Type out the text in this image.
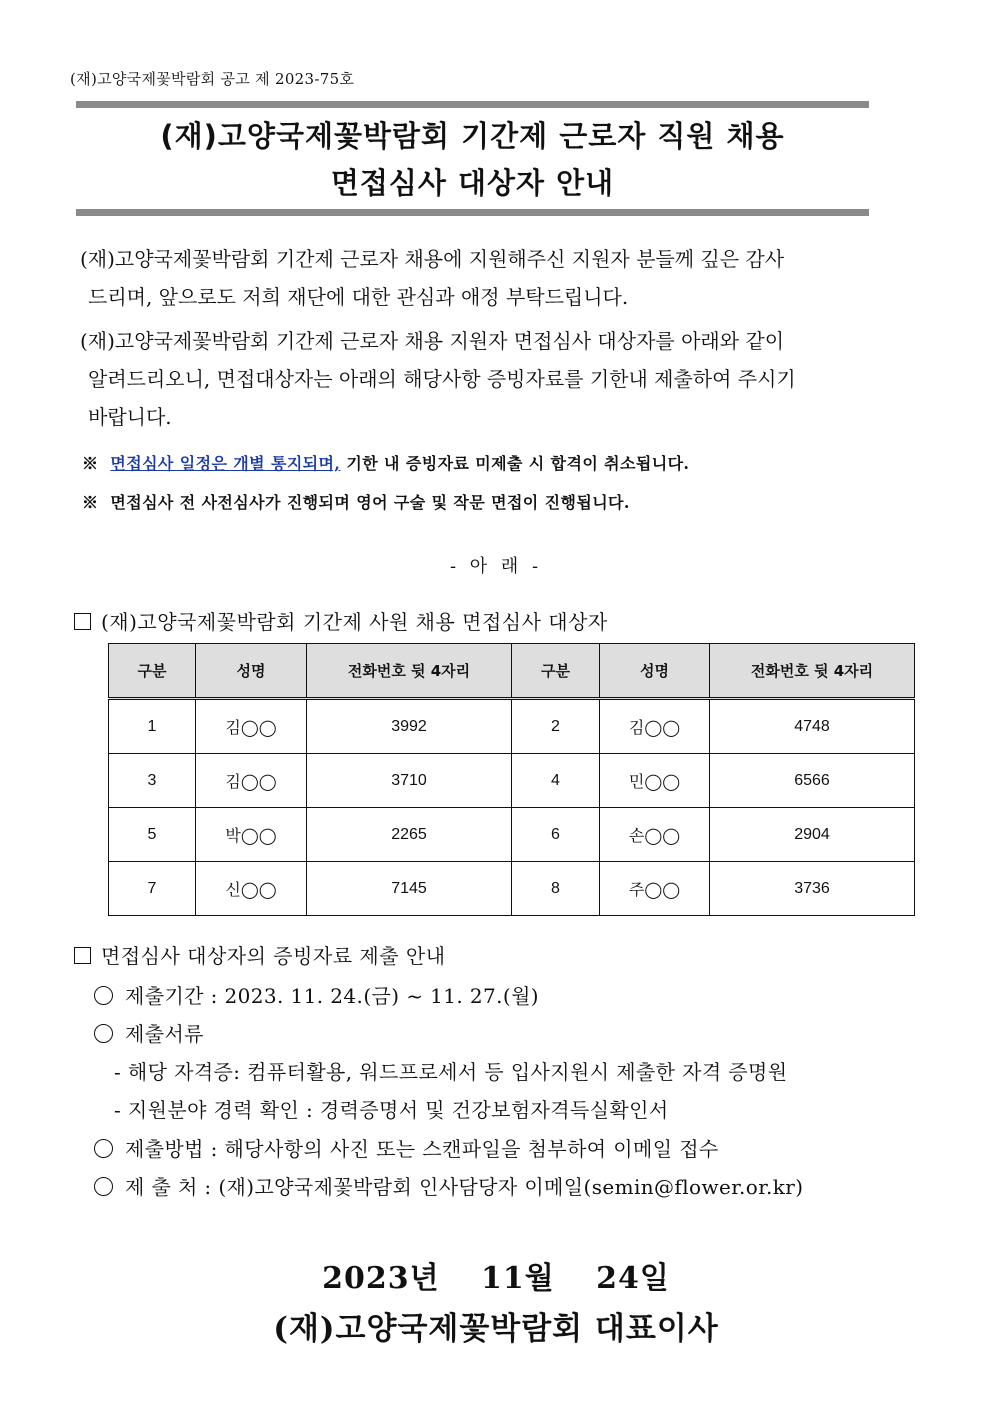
(재)고양국제꽃박람회 공고 제 2023-75호
(재)고양국제꽃박람회 기간제 근로자 직원 채용
면접심사 대상자 안내
(재)고양국제꽃박람회 기간제 근로자 채용에 지원해주신 지원자 분들께 깊은 감사
드리며, 앞으로도 저희 재단에 대한 관심과 애정 부탁드립니다.
(재)고양국제꽃박람회 기간제 근로자 채용 지원자 면접심사 대상자를 아래와 같이
알려드리오니, 면접대상자는 아래의 해당사항 증빙자료를 기한내 제출하여 주시기
바랍니다.
※ 면접심사 일정은 개별 통지되며, 기한 내 증빙자료 미제출 시 합격이 취소됩니다.
※ 면접심사 전 사전심사가 진행되며 영어 구술 및 작문 면접이 진행됩니다.
- 아 래 -
(재)고양국제꽃박람회 기간제 사원 채용 면접심사 대상자
구분	성명	전화번호 뒷 4자리	구분	성명	전화번호 뒷 4자리
1	김◯◯	3992	2	김◯◯	4748
3	김◯◯	3710	4	민◯◯	6566
5	박◯◯	2265	6	손◯◯	2904
7	신◯◯	7145	8	주◯◯	3736
면접심사 대상자의 증빙자료 제출 안내
제출기간 : 2023. 11. 24.(금) ~ 11. 27.(월)
제출서류
- 해당 자격증: 컴퓨터활용, 워드프로세서 등 입사지원시 제출한 자격 증명원
- 지원분야 경력 확인 : 경력증명서 및 건강보험자격득실확인서
제출방법 : 해당사항의 사진 또는 스캔파일을 첨부하여 이메일 접수
제 출 처 : (재)고양국제꽃박람회 인사담당자 이메일(semin@flower.or.kr)
2023년 11월 24일
(재)고양국제꽃박람회 대표이사
